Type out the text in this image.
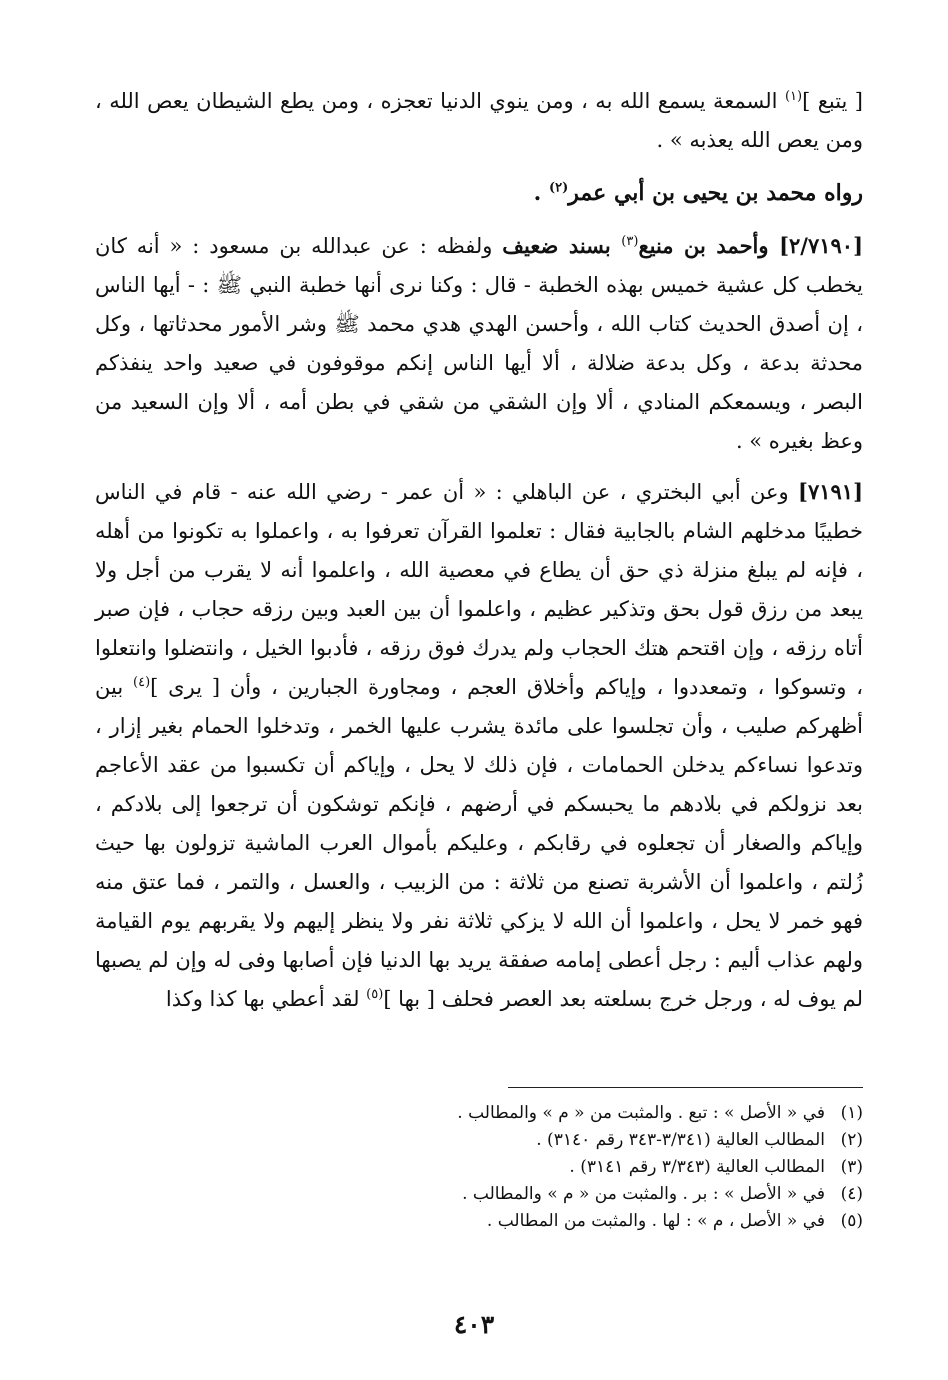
[ يتبع ]$^{(١)}$ السمعة يسمع الله به ، ومن ينوي الدنيا تعجزه ، ومن يطع الشيطان يعص الله ، ومن يعص الله يعذبه » .

رواه محمد بن يحيى بن أبي عمر$^{(٢)}$ .

[٢/٧١٩٠] وأحمد بن منيع$^{(٣)}$ بسند ضعيف ولفظه : عن عبدالله بن مسعود : « أنه كان يخطب كل عشية خميس بهذه الخطبة - قال : وكنا نرى أنها خطبة النبي ﷺ : - أيها الناس ، إن أصدق الحديث كتاب الله ، وأحسن الهدي هدي محمد ﷺ وشر الأمور محدثاتها ، وكل محدثة بدعة ، وكل بدعة ضلالة ، ألا أيها الناس إنكم موقوفون في صعيد واحد ينفذكم البصر ، ويسمعكم المنادي ، ألا وإن الشقي من شقي في بطن أمه ، ألا وإن السعيد من وعظ بغيره » .

[٧١٩١] وعن أبي البختري ، عن الباهلي : « أن عمر - رضي الله عنه - قام في الناس خطيبًا مدخلهم الشام بالجابية فقال : تعلموا القرآن تعرفوا به ، واعملوا به تكونوا من أهله ، فإنه لم يبلغ منزلة ذي حق أن يطاع في معصية الله ، واعلموا أنه لا يقرب من أجل ولا يبعد من رزق قول بحق وتذكير عظيم ، واعلموا أن بين العبد وبين رزقه حجاب ، فإن صبر أتاه رزقه ، وإن اقتحم هتك الحجاب ولم يدرك فوق رزقه ، فأدبوا الخيل ، وانتضلوا وانتعلوا ، وتسوكوا ، وتمعددوا ، وإياكم وأخلاق العجم ، ومجاورة الجبارين ، وأن [ يرى ]$^{(٤)}$ بين أظهركم صليب ، وأن تجلسوا على مائدة يشرب عليها الخمر ، وتدخلوا الحمام بغير إزار ، وتدعوا نساءكم يدخلن الحمامات ، فإن ذلك لا يحل ، وإياكم أن تكسبوا من عقد الأعاجم بعد نزولكم في بلادهم ما يحبسكم في أرضهم ، فإنكم توشكون أن ترجعوا إلى بلادكم ، وإياكم والصغار أن تجعلوه في رقابكم ، وعليكم بأموال العرب الماشية تزولون بها حيث زُلتم ، واعلموا أن الأشربة تصنع من ثلاثة : من الزبيب ، والعسل ، والتمر ، فما عتق منه فهو خمر لا يحل ، واعلموا أن الله لا يزكي ثلاثة نفر ولا ينظر إليهم ولا يقربهم يوم القيامة ولهم عذاب أليم : رجل أعطى إمامه صفقة يريد بها الدنيا فإن أصابها وفى له وإن لم يصبها لم يوف له ، ورجل خرج بسلعته بعد العصر فحلف [ بها ]$^{(٥)}$ لقد أعطي بها كذا وكذا

(١)
في « الأصل » : تبع . والمثبت من « م » والمطالب .
(٢)
المطالب العالية (٣/٣٤١-٣٤٣ رقم ٣١٤٠) .
(٣)
المطالب العالية (٣/٣٤٣ رقم ٣١٤١) .
(٤)
في « الأصل » : بر . والمثبت من « م » والمطالب .
(٥)
في « الأصل ، م » : لها . والمثبت من المطالب .
٤٠٣
